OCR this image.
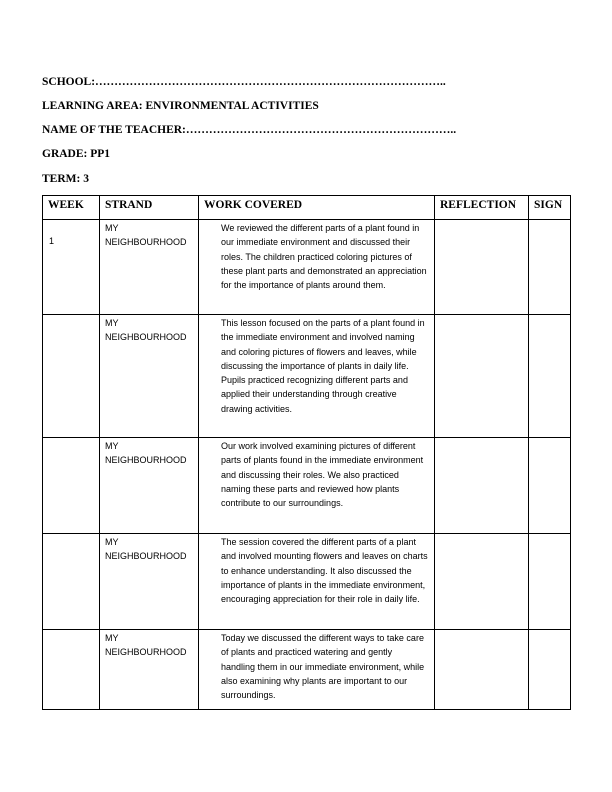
SCHOOL:………………………………………………………………………………..
LEARNING AREA: ENVIRONMENTAL ACTIVITIES
NAME OF THE TEACHER:……………………………………………………………..
GRADE: PP1
TERM: 3
WEEK	STRAND	WORK COVERED	REFLECTION	SIGN
1	MY NEIGHBOURHOOD	We reviewed the different parts of a plant found in our immediate environment and discussed their roles. The children practiced coloring pictures of these plant parts and demonstrated an appreciation for the importance of plants around them.		
	MY NEIGHBOURHOOD	This lesson focused on the parts of a plant found in the immediate environment and involved naming and coloring pictures of flowers and leaves, while discussing the importance of plants in daily life. Pupils practiced recognizing different parts and applied their understanding through creative drawing activities.		
	MY NEIGHBOURHOOD	Our work involved examining pictures of different parts of plants found in the immediate environment and discussing their roles. We also practiced naming these parts and reviewed how plants contribute to our surroundings.		
	MY NEIGHBOURHOOD	The session covered the different parts of a plant and involved mounting flowers and leaves on charts to enhance understanding. It also discussed the importance of plants in the immediate environment, encouraging appreciation for their role in daily life.		
	MY NEIGHBOURHOOD	Today we discussed the different ways to take care of plants and practiced watering and gently handling them in our immediate environment, while also examining why plants are important to our surroundings.		
